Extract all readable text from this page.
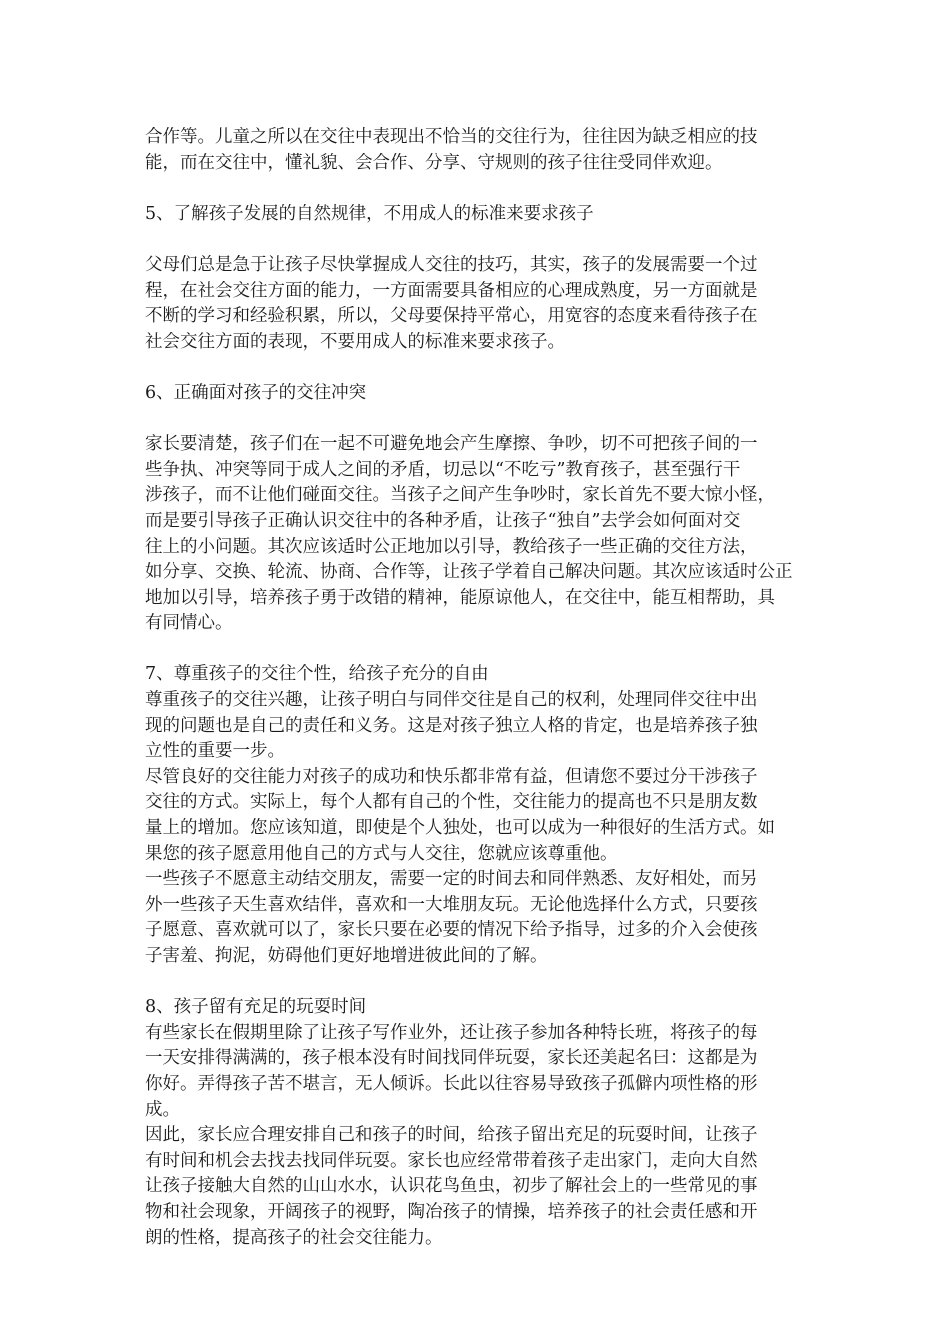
合作等。儿童之所以在交往中表现出不恰当的交往行为，往往因为缺乏相应的技
能，而在交往中，懂礼貌、会合作、分享、守规则的孩子往往受同伴欢迎。
5、了解孩子发展的自然规律，不用成人的标准来要求孩子
父母们总是急于让孩子尽快掌握成人交往的技巧，其实，孩子的发展需要一个过
程，在社会交往方面的能力，一方面需要具备相应的心理成熟度，另一方面就是
不断的学习和经验积累，所以，父母要保持平常心，用宽容的态度来看待孩子在
社会交往方面的表现，不要用成人的标准来要求孩子。
6、正确面对孩子的交往冲突
家长要清楚，孩子们在一起不可避免地会产生摩擦、争吵，切不可把孩子间的一
些争执、冲突等同于成人之间的矛盾，切忌以“不吃亏”教育孩子，甚至强行干
涉孩子，而不让他们碰面交往。当孩子之间产生争吵时，家长首先不要大惊小怪，
而是要引导孩子正确认识交往中的各种矛盾，让孩子“独自”去学会如何面对交
往上的小问题。其次应该适时公正地加以引导，教给孩子一些正确的交往方法，
如分享、交换、轮流、协商、合作等，让孩子学着自己解决问题。其次应该适时公正
地加以引导，培养孩子勇于改错的精神，能原谅他人，在交往中，能互相帮助，具
有同情心。
7、尊重孩子的交往个性，给孩子充分的自由
尊重孩子的交往兴趣，让孩子明白与同伴交往是自己的权利，处理同伴交往中出
现的问题也是自己的责任和义务。这是对孩子独立人格的肯定，也是培养孩子独
立性的重要一步。
尽管良好的交往能力对孩子的成功和快乐都非常有益，但请您不要过分干涉孩子
交往的方式。实际上，每个人都有自己的个性，交往能力的提高也不只是朋友数
量上的增加。您应该知道，即使是个人独处，也可以成为一种很好的生活方式。如
果您的孩子愿意用他自己的方式与人交往，您就应该尊重他。
一些孩子不愿意主动结交朋友，需要一定的时间去和同伴熟悉、友好相处，而另
外一些孩子天生喜欢结伴，喜欢和一大堆朋友玩。无论他选择什么方式，只要孩
子愿意、喜欢就可以了，家长只要在必要的情况下给予指导，过多的介入会使孩
子害羞、拘泥，妨碍他们更好地增进彼此间的了解。
8、孩子留有充足的玩耍时间
有些家长在假期里除了让孩子写作业外，还让孩子参加各种特长班，将孩子的每
一天安排得满满的，孩子根本没有时间找同伴玩耍，家长还美起名曰：这都是为
你好。弄得孩子苦不堪言，无人倾诉。长此以往容易导致孩子孤僻内项性格的形
成。
因此，家长应合理安排自己和孩子的时间，给孩子留出充足的玩耍时间，让孩子
有时间和机会去找去找同伴玩耍。家长也应经常带着孩子走出家门，走向大自然
让孩子接触大自然的山山水水，认识花鸟鱼虫，初步了解社会上的一些常见的事
物和社会现象，开阔孩子的视野，陶冶孩子的情操，培养孩子的社会责任感和开
朗的性格，提高孩子的社会交往能力。
